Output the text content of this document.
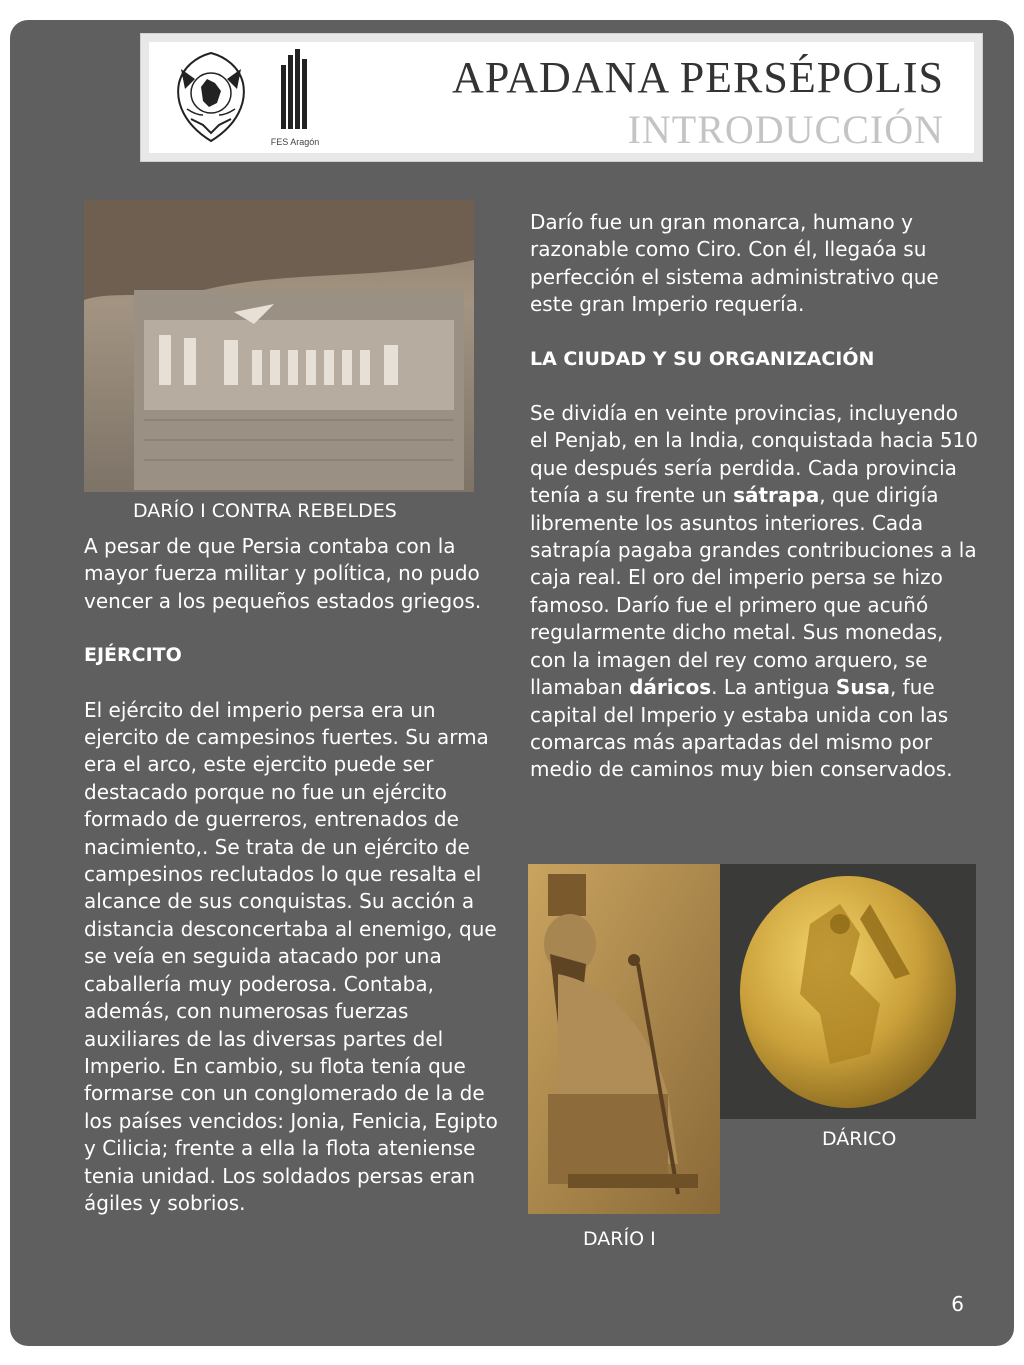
FES Aragón
APADANA PERSÉPOLIS
INTRODUCCIÓN
DARÍO I CONTRA REBELDES

A pesar de que Persia contaba con la mayor fuerza militar y política, no pudo vencer a los pequeños estados griegos.

EJÉRCITO

El ejército del imperio persa era un ejercito de campesinos fuertes. Su arma era el arco, este ejercito puede ser destacado porque no fue un ejército formado de guerreros, entrenados de nacimiento,. Se trata de un ejército de campesinos reclutados lo que resalta el alcance de sus conquistas. Su acción a distancia desconcertaba al enemigo, que se veía en seguida atacado por una caballería muy poderosa. Contaba, además, con numerosas fuerzas auxiliares de las diversas partes del Imperio. En cambio, su flota tenía que formarse con un conglomerado de la de los países vencidos: Jonia, Fenicia, Egipto y Cilicia; frente a ella la flota ateniense tenia unidad. Los soldados persas eran ágiles y sobrios.

Darío fue un gran monarca, humano y razonable como Ciro. Con él, llegaóa su perfección el sistema administrativo que este gran Imperio requería.

LA CIUDAD Y SU ORGANIZACIÓN

Se dividía en veinte provincias, incluyendo el Penjab, en la India, conquistada hacia 510 que después sería perdida. Cada provincia tenía a su frente un sátrapa, que dirigía libremente los asuntos interiores. Cada satrapía pagaba grandes contribuciones a la caja real. El oro del imperio persa se hizo famoso. Darío fue el primero que acuñó regularmente dicho metal. Sus monedas, con la imagen del rey como arquero, se llamaban dáricos. La antigua Susa, fue capital del Imperio y estaba unida con las comarcas más apartadas del mismo por medio de caminos muy bien conservados.

DÁRICO
DARÍO I
6
